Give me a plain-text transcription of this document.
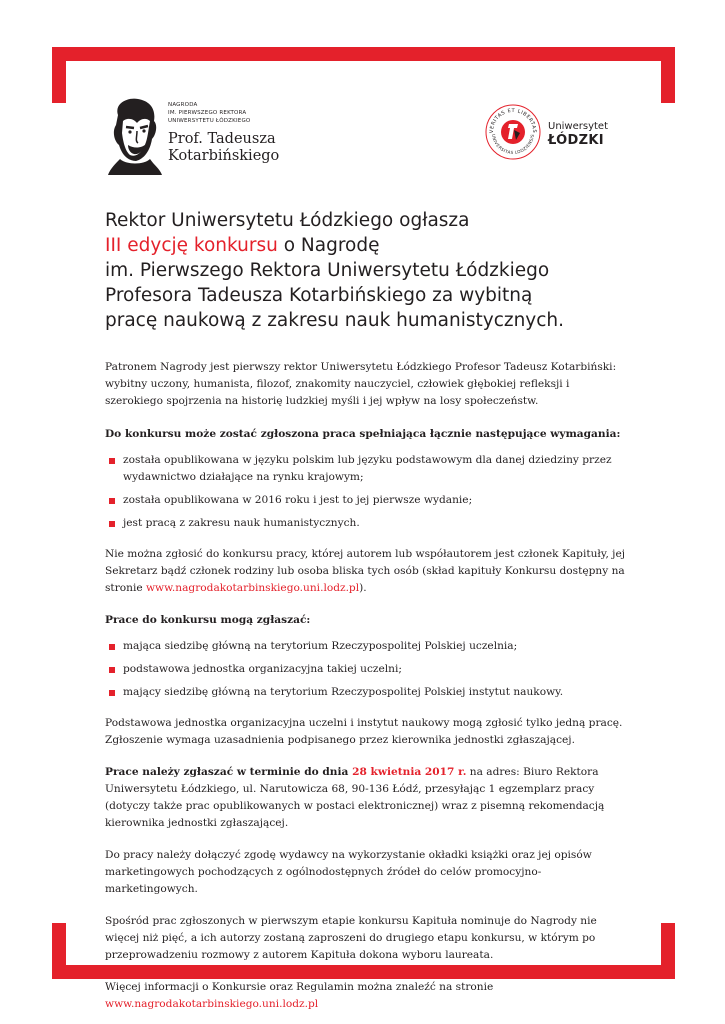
NAGRODA
IM. PIERWSZEGO REKTORA
UNIWERSYTETU ŁÓDZKIEGO
Prof. Tadeusza
Kotarbińskiego
VERITAS ET LIBERTAS
UNIVERSITAS LODZIENSIS
Uniwersytet
ŁÓDZKI
Rektor Uniwersytetu Łódzkiego ogłasza
III edycję konkursu o Nagrodę
im. Pierwszego Rektora Uniwersytetu Łódzkiego
Profesora Tadeusza Kotarbińskiego za wybitną
pracę naukową z zakresu nauk humanistycznych.

Patronem Nagrody jest pierwszy rektor Uniwersytetu Łódzkiego Profesor Tadeusz Kotarbiński: wybitny uczony, humanista, filozof, znakomity nauczyciel, człowiek głębokiej refleksji i szerokiego spojrzenia na historię ludzkiej myśli i jej wpływ na losy społeczeństw.

Do konkursu może zostać zgłoszona praca spełniająca łącznie następujące wymagania:

została opublikowana w języku polskim lub języku podstawowym dla danej dziedziny przez wydawnictwo działające na rynku krajowym;
została opublikowana w 2016 roku i jest to jej pierwsze wydanie;
jest pracą z zakresu nauk humanistycznych.

Nie można zgłosić do konkursu pracy, której autorem lub współautorem jest członek Kapituły, jej Sekretarz bądź członek rodziny lub osoba bliska tych osób (skład kapituły Konkursu dostępny na stronie www.nagrodakotarbinskiego.uni.lodz.pl).

Prace do konkursu mogą zgłaszać:

mająca siedzibę główną na terytorium Rzeczypospolitej Polskiej uczelnia;
podstawowa jednostka organizacyjna takiej uczelni;
mający siedzibę główną na terytorium Rzeczypospolitej Polskiej instytut naukowy.

Podstawowa jednostka organizacyjna uczelni i instytut naukowy mogą zgłosić tylko jedną pracę. Zgłoszenie wymaga uzasadnienia podpisanego przez kierownika jednostki zgłaszającej.

Prace należy zgłaszać w terminie do dnia 28 kwietnia 2017 r. na adres: Biuro Rektora Uniwersytetu Łódzkiego, ul. Narutowicza 68, 90-136 Łódź, przesyłając 1 egzemplarz pracy (dotyczy także prac opublikowanych w postaci elektronicznej) wraz z pisemną rekomendacją kierownika jednostki zgłaszającej.

Do pracy należy dołączyć zgodę wydawcy na wykorzystanie okładki książki oraz jej opisów marketingowych pochodzących z ogólnodostępnych źródeł do celów promocyjno-marketingowych.

Spośród prac zgłoszonych w pierwszym etapie konkursu Kapituła nominuje do Nagrody nie więcej niż pięć, a ich autorzy zostaną zaproszeni do drugiego etapu konkursu, w którym po przeprowadzeniu rozmowy z autorem Kapituła dokona wyboru laureata.

Więcej informacji o Konkursie oraz Regulamin można znaleźć na stronie
www.nagrodakotarbinskiego.uni.lodz.pl
